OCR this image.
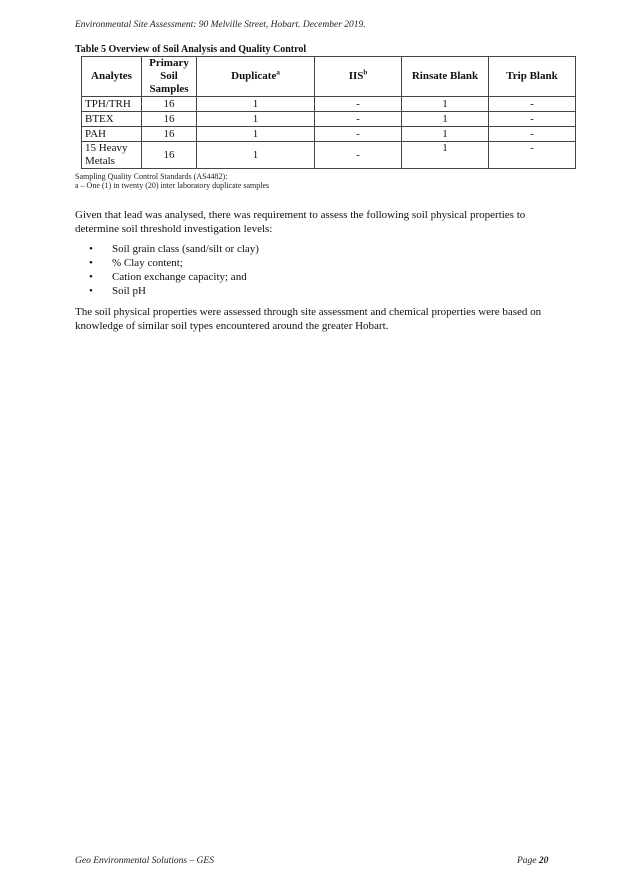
Environmental Site Assessment: 90 Melville Street, Hobart. December 2019.
Table 5 Overview of Soil Analysis and Quality Control
Analytes	Primary
Soil
Samples	Duplicate$^a$	IIS$^b$	Rinsate Blank	Trip Blank
TPH/TRH	16	1	-	1	-
BTEX	16	1	-	1	-
PAH	16	1	-	1	-
15 Heavy
Metals	16	1	-	1	-
Sampling Quality Control Standards (AS4482):
a – One (1) in twenty (20) inter laboratory duplicate samples
Given that lead was analysed, there was requirement to assess the following soil physical properties to determine soil threshold investigation levels:
• Soil grain class (sand/silt or clay)
• % Clay content;
• Cation exchange capacity; and
• Soil pH
The soil physical properties were assessed through site assessment and chemical properties were based on knowledge of similar soil types encountered around the greater Hobart.
Geo Environmental Solutions – GES	Page 20
